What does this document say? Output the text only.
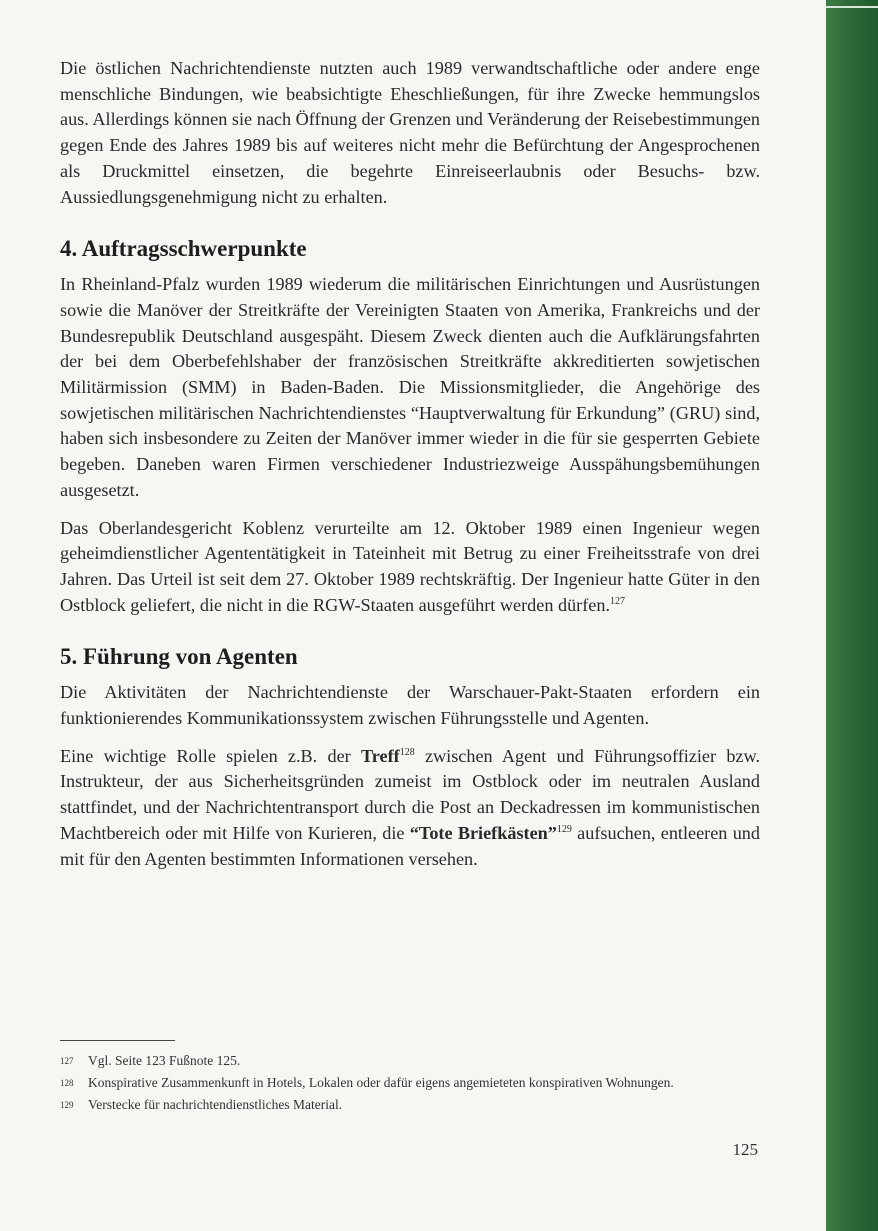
Die östlichen Nachrichtendienste nutzten auch 1989 verwandtschaftliche oder andere enge menschliche Bindungen, wie beabsichtigte Eheschließungen, für ihre Zwecke hemmungslos aus. Allerdings können sie nach Öffnung der Grenzen und Veränderung der Reisebestimmungen gegen Ende des Jahres 1989 bis auf weiteres nicht mehr die Befürchtung der Angesprochenen als Druckmittel einsetzen, die begehrte Einreiseerlaubnis oder Besuchs- bzw. Aussiedlungsgenehmigung nicht zu erhalten.

4. Auftragsschwerpunkte

In Rheinland-Pfalz wurden 1989 wiederum die militärischen Einrichtungen und Ausrüstungen sowie die Manöver der Streitkräfte der Vereinigten Staaten von Amerika, Frankreichs und der Bundesrepublik Deutschland ausgespäht. Diesem Zweck dienten auch die Aufklärungsfahrten der bei dem Oberbefehlshaber der französischen Streitkräfte akkreditierten sowjetischen Militärmission (SMM) in Baden-Baden. Die Missionsmitglieder, die Angehörige des sowjetischen militärischen Nachrichtendienstes “Hauptverwaltung für Erkundung” (GRU) sind, haben sich insbesondere zu Zeiten der Manöver immer wieder in die für sie gesperrten Gebiete begeben. Daneben waren Firmen verschiedener Industriezweige Ausspähungsbemühungen ausgesetzt.

Das Oberlandesgericht Koblenz verurteilte am 12. Oktober 1989 einen Ingenieur wegen geheimdienstlicher Agententätigkeit in Tateinheit mit Betrug zu einer Freiheitsstrafe von drei Jahren. Das Urteil ist seit dem 27. Oktober 1989 rechtskräftig. Der Ingenieur hatte Güter in den Ostblock geliefert, die nicht in die RGW-Staaten ausgeführt werden dürfen.$^{127}$

5. Führung von Agenten

Die Aktivitäten der Nachrichtendienste der Warschauer-Pakt-Staaten erfordern ein funktionierendes Kommunikationssystem zwischen Führungsstelle und Agenten.

Eine wichtige Rolle spielen z.B. der Treff$^{128}$ zwischen Agent und Führungsoffizier bzw. Instrukteur, der aus Sicherheitsgründen zumeist im Ostblock oder im neutralen Ausland stattfindet, und der Nachrichtentransport durch die Post an Deckadressen im kommunistischen Machtbereich oder mit Hilfe von Kurieren, die “Tote Briefkästen”$^{129}$ aufsuchen, entleeren und mit für den Agenten bestimmten Informationen versehen.

127	Vgl. Seite 123 Fußnote 125.
128	Konspirative Zusammenkunft in Hotels, Lokalen oder dafür eigens angemieteten konspirativen Wohnungen.
129	Verstecke für nachrichtendienstliches Material.
125
